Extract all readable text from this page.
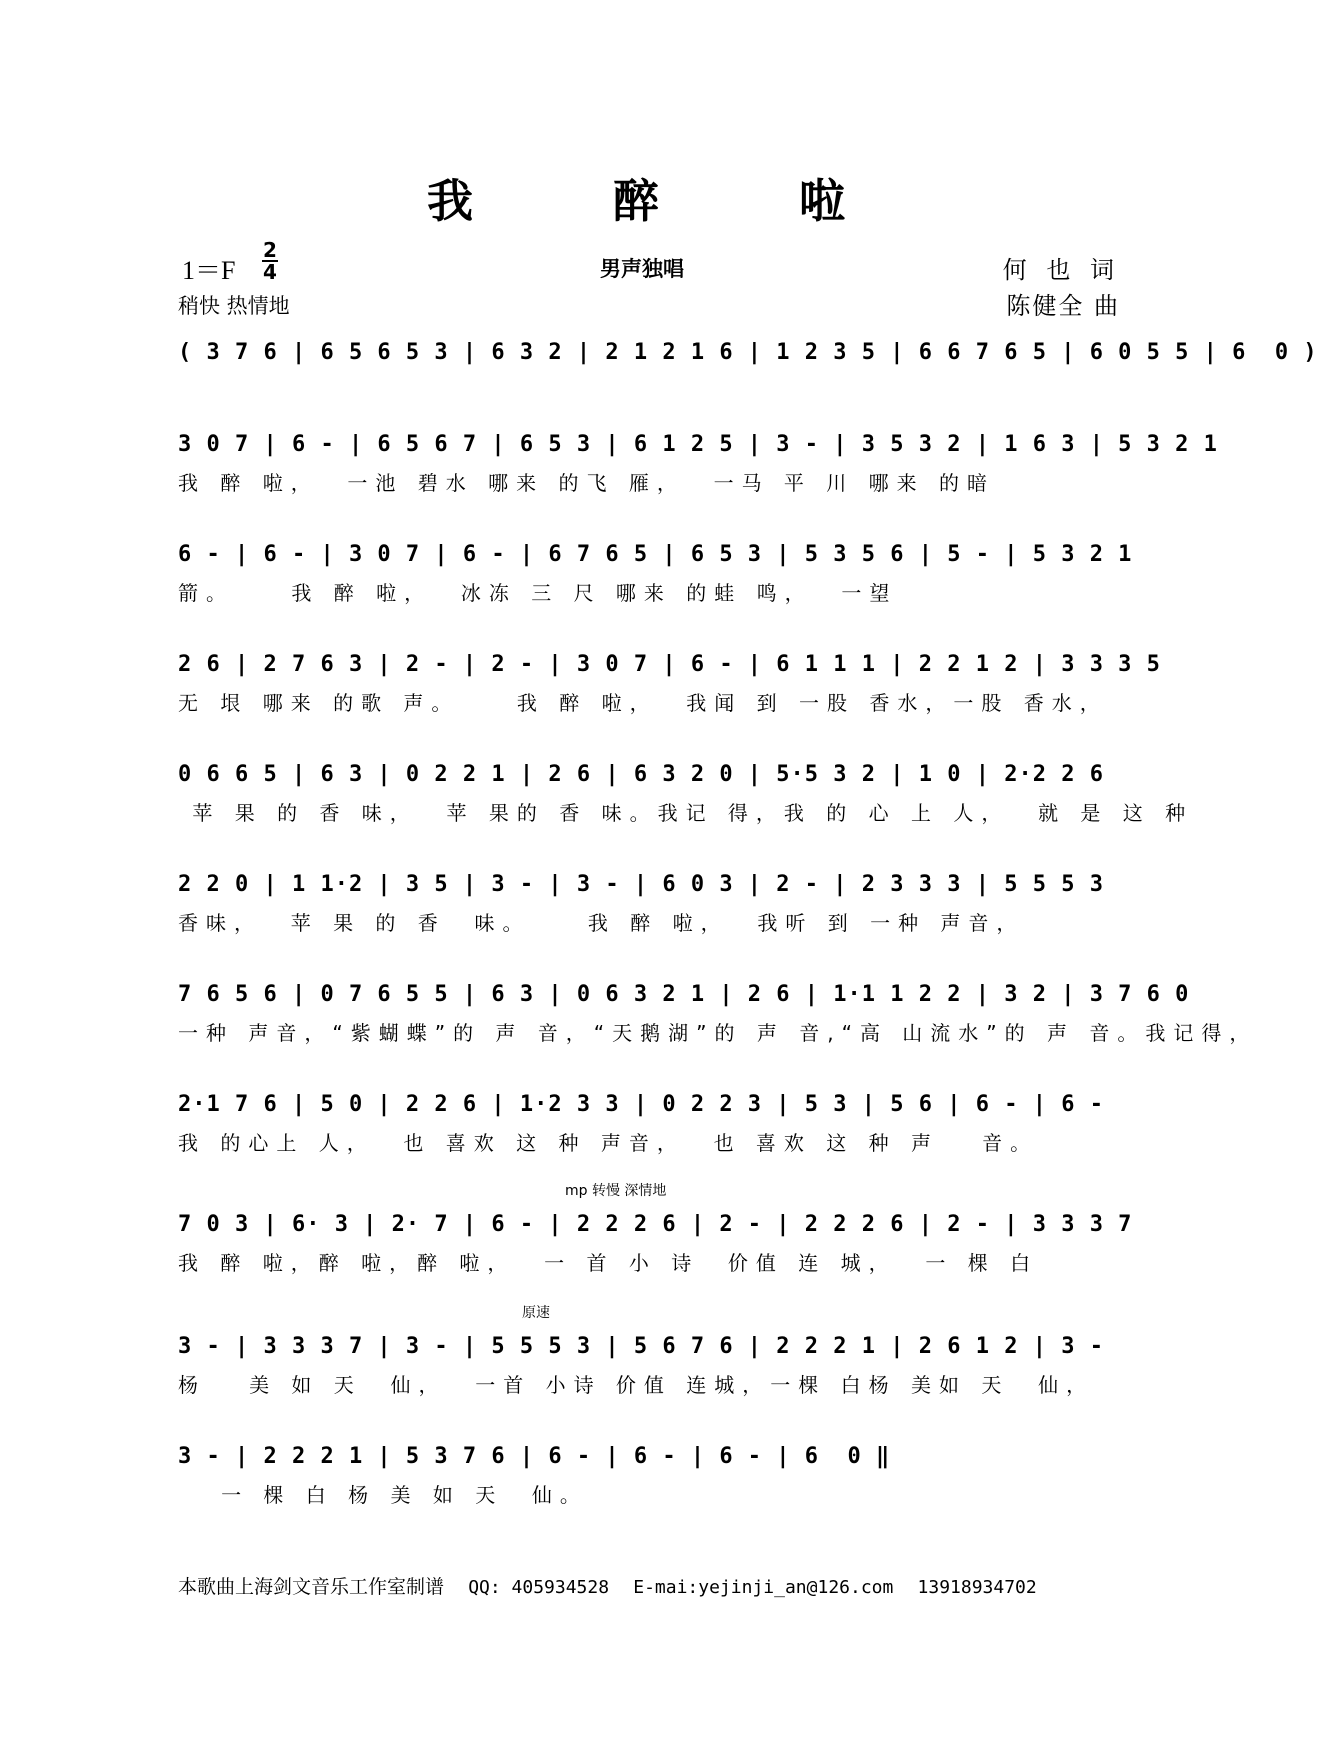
我 醉 啦
1＝F
2
4
稍快 热情地
男声独唱	何 也 词
陈健全 曲
( 3 7 6 | 6 5 6 5 3 | 6 3 2 | 2 1 2 1 6 | 1 2 3 5 | 6 6 7 6 5 | 6 0 5 5 | 6  0 )
3 0 7 | 6 - | 6 5 6 7 | 6 5 3 | 6 1 2 5 | 3 - | 3 5 3 2 | 1 6 3 | 5 3 2 1
我 醉 啦，  一池 碧水 哪来 的飞 雁，  一马 平 川 哪来 的暗
6 - | 6 - | 3 0 7 | 6 - | 6 7 6 5 | 6 5 3 | 5 3 5 6 | 5 - | 5 3 2 1
箭。    我 醉 啦，  冰冻 三 尺 哪来 的蛙 鸣，  一望
2 6 | 2 7 6 3 | 2 - | 2 - | 3 0 7 | 6 - | 6 1 1 1 | 2 2 1 2 | 3 3 3 5
无 垠 哪来 的歌 声。    我 醉 啦，  我闻 到 一股 香水，一股 香水，
0 6 6 5 | 6 3 | 0 2 2 1 | 2 6 | 6 3 2 0 | 5·5 3 2 | 1 0 | 2·2 2 6
苹 果 的 香 味，  苹 果的 香 味。我记 得，我 的 心 上 人，  就 是 这 种
2 2 0 | 1 1·2 | 3 5 | 3 - | 3 - | 6 0 3 | 2 - | 2 3 3 3 | 5 5 5 3
香味，  苹 果 的 香  味。    我 醉 啦，  我听 到 一种 声音，
7 6 5 6 | 0 7 6 5 5 | 6 3 | 0 6 3 2 1 | 2 6 | 1·1 1 2 2 | 3 2 | 3 7 6 0
一种 声音，“紫蝴蝶”的 声 音，“天鹅湖”的 声 音,“高 山流水”的 声 音。我记得，
2·1 7 6 | 5 0 | 2 2 6 | 1·2 3 3 | 0 2 2 3 | 5 3 | 5 6 | 6 - | 6 -
我 的心上 人，  也 喜欢 这 种 声音，  也 喜欢 这 种 声   音。
mp 转慢 深情地
7 0 3 | 6· 3 | 2· 7 | 6 - | 2 2 2 6 | 2 - | 2 2 2 6 | 2 - | 3 3 3 7
我 醉 啦，醉 啦，醉 啦，  一 首 小 诗  价值 连 城，  一 棵 白
原速
3 - | 3 3 3 7 | 3 - | 5 5 5 3 | 5 6 7 6 | 2 2 2 1 | 2 6 1 2 | 3 -
杨   美 如 天  仙，  一首 小诗 价值 连城，一棵 白杨 美如 天  仙，
3 - | 2 2 2 1 | 5 3 7 6 | 6 - | 6 - | 6 - | 6  0 ‖
一 棵 白 杨 美 如 天  仙。
本歌曲上海剑文音乐工作室制谱 QQ: 405934528 E-mai:yejinji_an@126.com 13918934702
